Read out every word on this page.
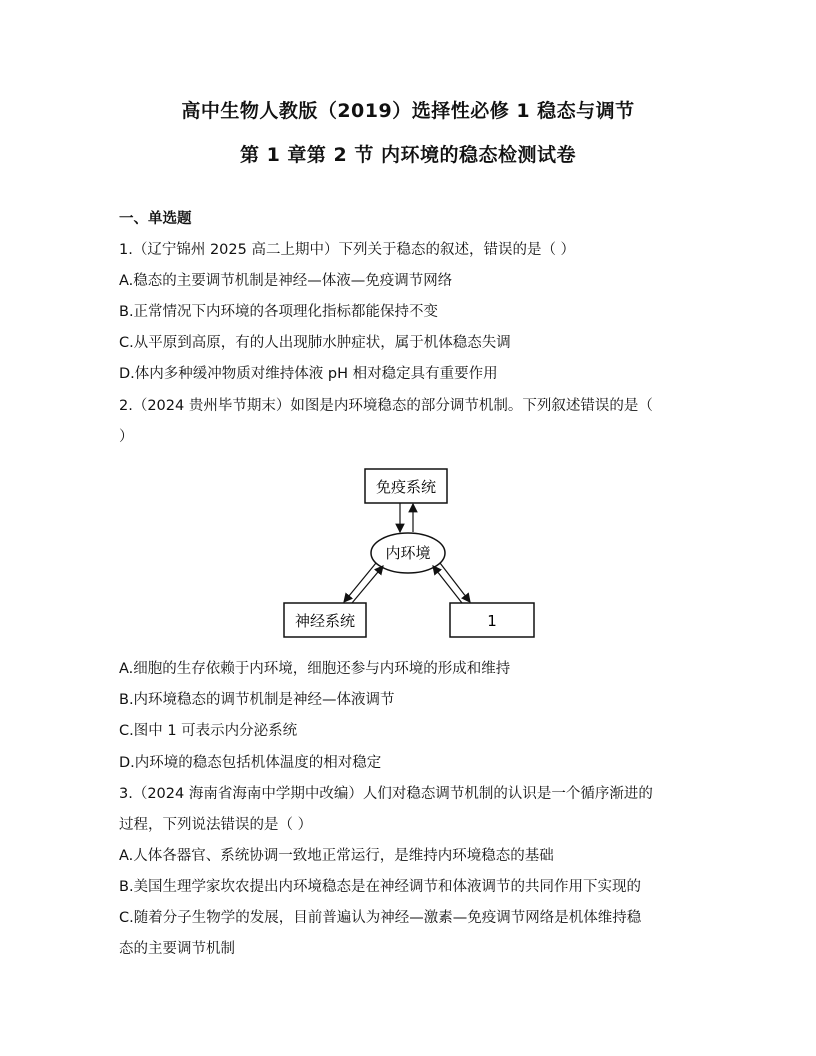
高中生物人教版（2019）选择性必修 1 稳态与调节
第 1 章第 2 节 内环境的稳态检测试卷
一、单选题
1.（辽宁锦州 2025 高二上期中）下列关于稳态的叙述，错误的是（ ）
A.稳态的主要调节机制是神经—体液—免疫调节网络
B.正常情况下内环境的各项理化指标都能保持不变
C.从平原到高原，有的人出现肺水肿症状，属于机体稳态失调
D.体内多种缓冲物质对维持体液 pH 相对稳定具有重要作用
2.（2024 贵州毕节期末）如图是内环境稳态的部分调节机制。下列叙述错误的是（
）
免疫系统
内环境
神经系统	1
A.细胞的生存依赖于内环境，细胞还参与内环境的形成和维持
B.内环境稳态的调节机制是神经—体液调节
C.图中 1 可表示内分泌系统
D.内环境的稳态包括机体温度的相对稳定
3.（2024 海南省海南中学期中改编）人们对稳态调节机制的认识是一个循序渐进的
过程，下列说法错误的是（ ）
A.人体各器官、系统协调一致地正常运行，是维持内环境稳态的基础
B.美国生理学家坎农提出内环境稳态是在神经调节和体液调节的共同作用下实现的
C.随着分子生物学的发展，目前普遍认为神经—激素—免疫调节网络是机体维持稳
态的主要调节机制
